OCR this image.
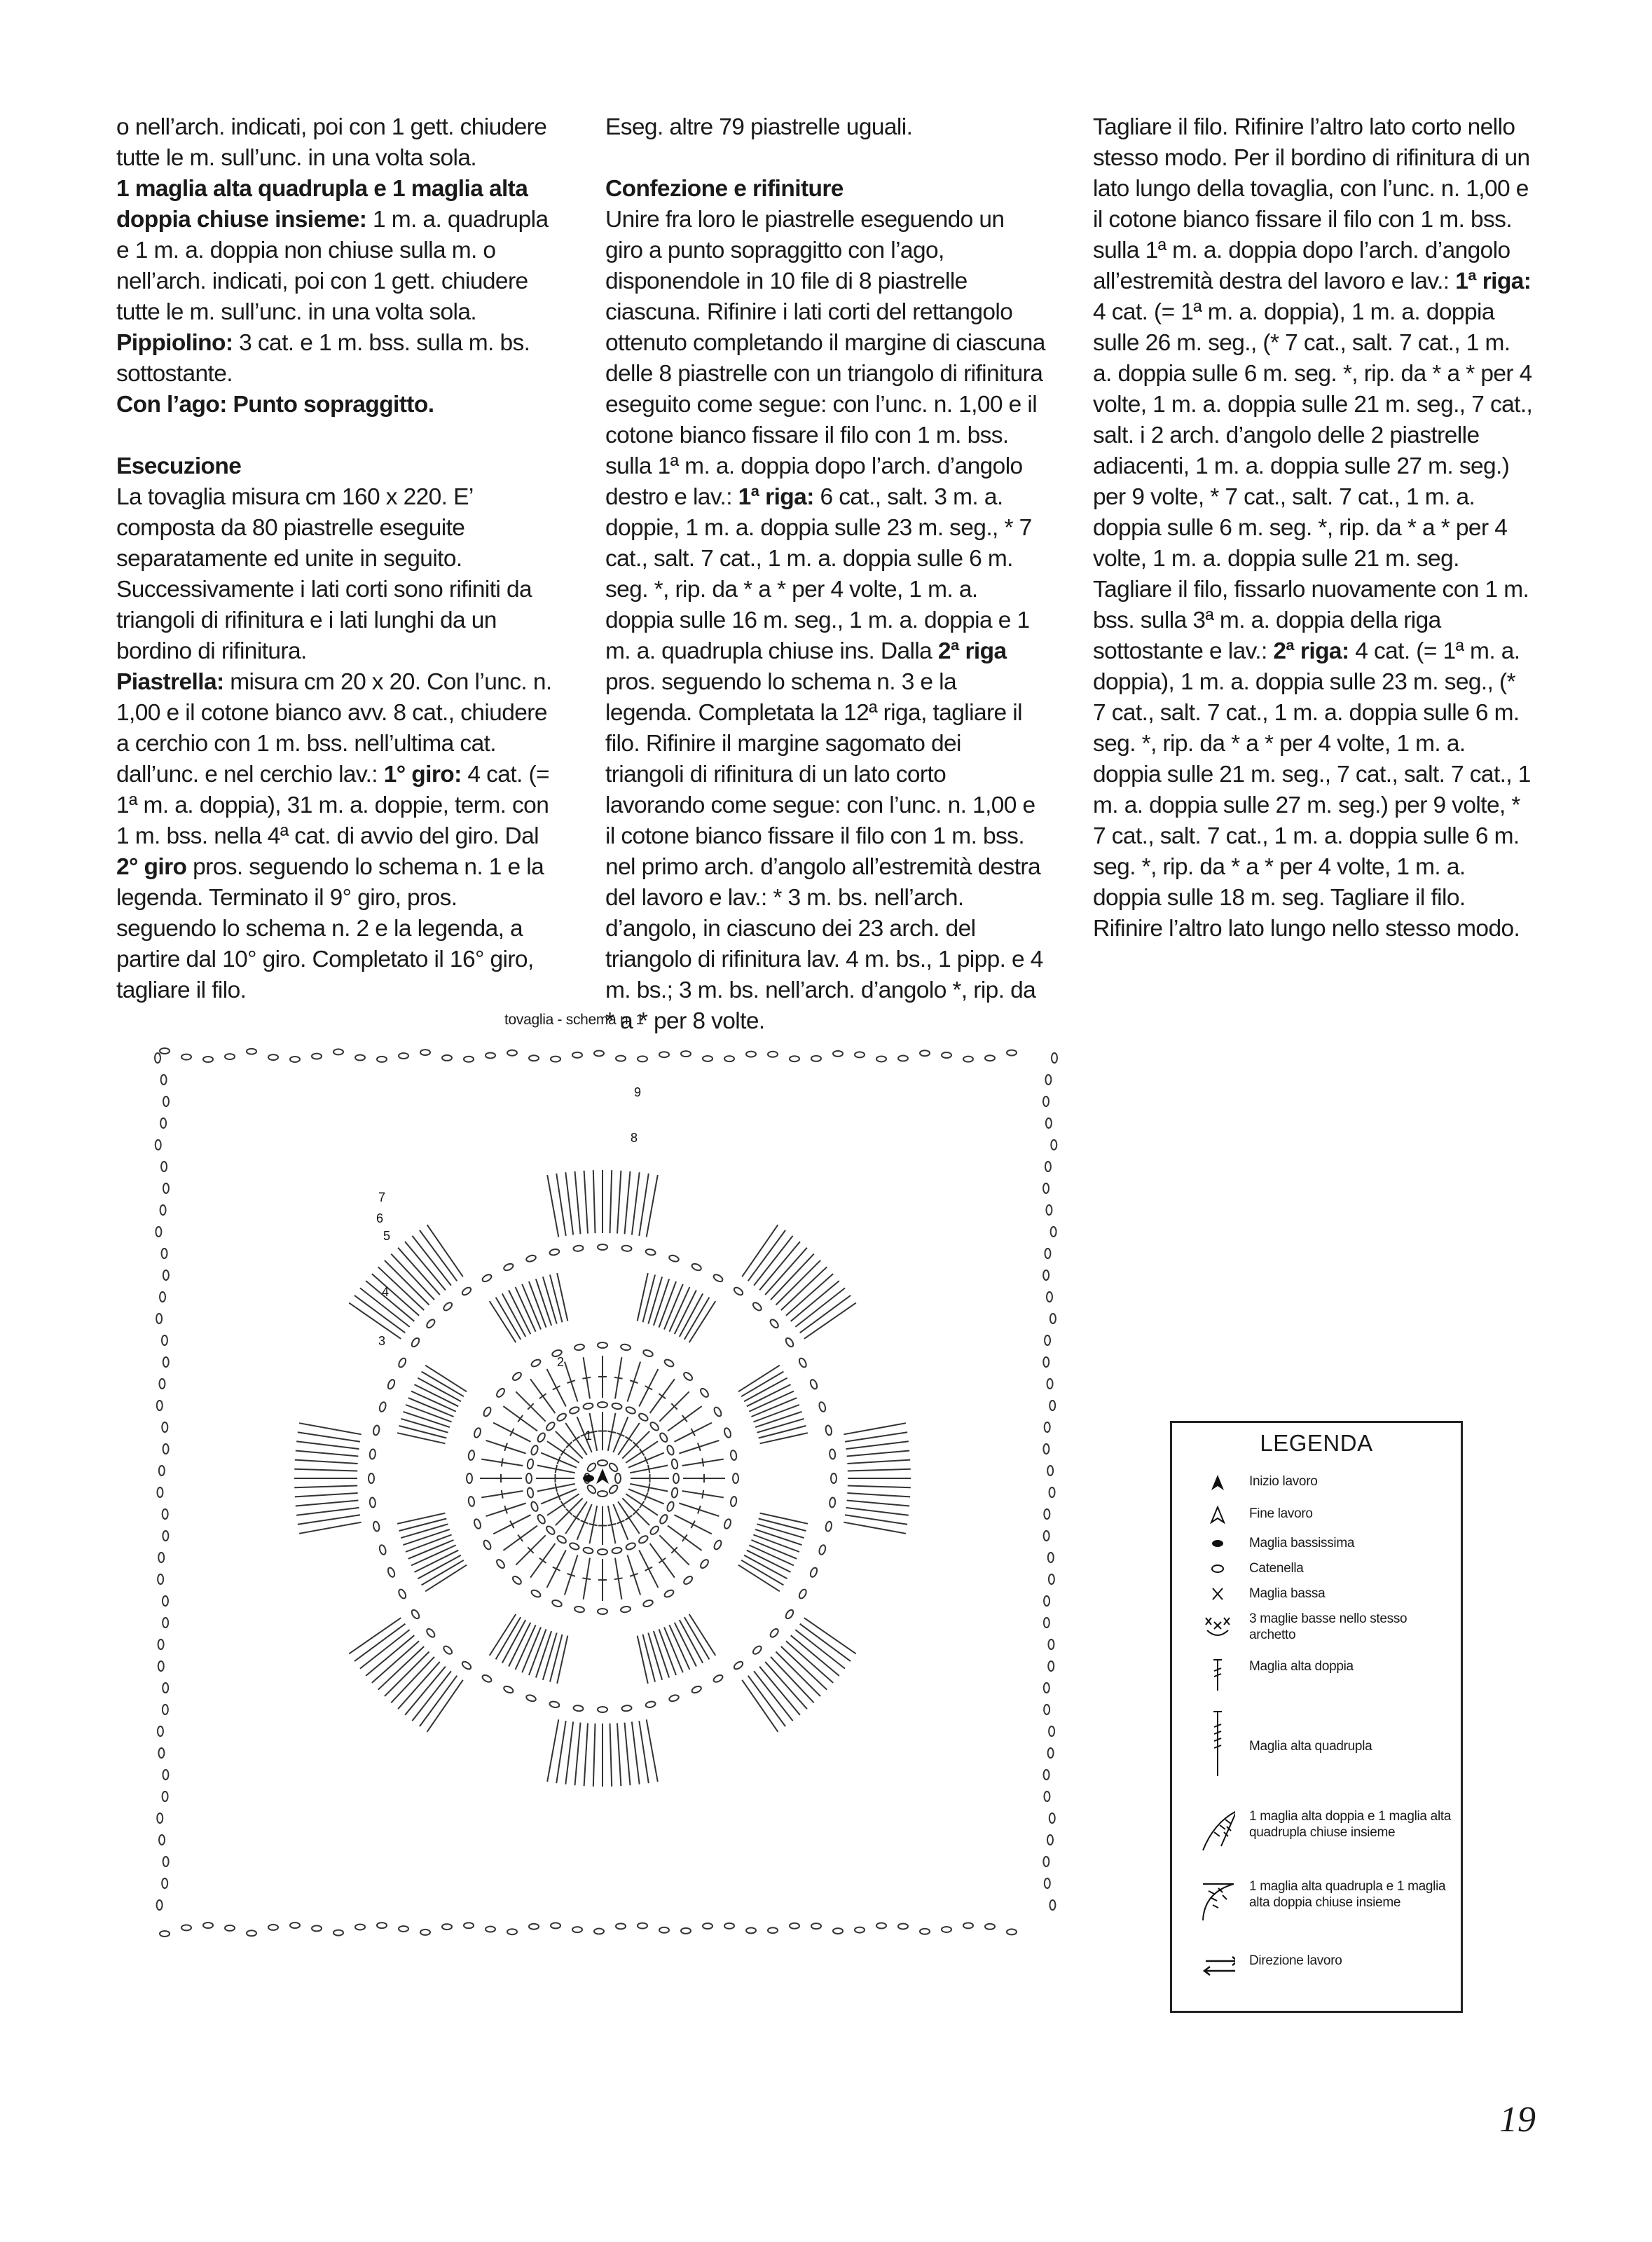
o nell’arch. indicati, poi con 1 gett. chiudere tutte le m. sull’unc. in una volta sola.

1 maglia alta quadrupla e 1 maglia alta doppia chiuse insieme: 1 m. a. quadrupla e 1 m. a. doppia non chiuse sulla m. o nell’arch. indicati, poi con 1 gett. chiudere tutte le m. sull’unc. in una volta sola.

Pippiolino: 3 cat. e 1 m. bss. sulla m. bs. sottostante.

Con l’ago: Punto sopraggitto.

Esecuzione

La tovaglia misura cm 160 x 220. E’ composta da 80 piastrelle eseguite separatamente ed unite in seguito. Successivamente i lati corti sono rifiniti da triangoli di rifinitura e i lati lunghi da un bordino di rifinitura.

Piastrella: misura cm 20 x 20. Con l’unc. n. 1,00 e il cotone bianco avv. 8 cat., chiudere a cerchio con 1 m. bss. nell’ultima cat. dall’unc. e nel cerchio lav.: 1° giro: 4 cat. (= 1ª m. a. doppia), 31 m. a. doppie, term. con 1 m. bss. nella 4ª cat. di avvio del giro. Dal 2° giro pros. seguendo lo schema n. 1 e la legenda. Terminato il 9° giro, pros. seguendo lo schema n. 2 e la legenda, a partire dal 10° giro. Completato il 16° giro, tagliare il filo.

Eseg. altre 79 piastrelle uguali.

Confezione e rifiniture

Unire fra loro le piastrelle eseguendo un giro a punto sopraggitto con l’ago, disponendole in 10 file di 8 piastrelle ciascuna. Rifinire i lati corti del rettangolo ottenuto completando il margine di ciascuna delle 8 piastrelle con un triangolo di rifinitura eseguito come segue: con l’unc. n. 1,00 e il cotone bianco fissare il filo con 1 m. bss. sulla 1ª m. a. doppia dopo l’arch. d’angolo destro e lav.: 1ª riga: 6 cat., salt. 3 m. a. doppie, 1 m. a. doppia sulle 23 m. seg., * 7 cat., salt. 7 cat., 1 m. a. doppia sulle 6 m. seg. *, rip. da * a * per 4 volte, 1 m. a. doppia sulle 16 m. seg., 1 m. a. doppia e 1 m. a. quadrupla chiuse ins. Dalla 2ª riga pros. seguendo lo schema n. 3 e la legenda. Completata la 12ª riga, tagliare il filo. Rifinire il margine sagomato dei triangoli di rifinitura di un lato corto lavorando come segue: con l’unc. n. 1,00 e il cotone bianco fissare il filo con 1 m. bss. nel primo arch. d’angolo all’estremità destra del lavoro e lav.: * 3 m. bs. nell’arch. d’angolo, in ciascuno dei 23 arch. del triangolo di rifinitura lav. 4 m. bs., 1 pipp. e 4 m. bs.; 3 m. bs. nell’arch. d’angolo *, rip. da * a * per 8 volte.

Tagliare il filo. Rifinire l’altro lato corto nello stesso modo. Per il bordino di rifinitura di un lato lungo della tovaglia, con l’unc. n. 1,00 e il cotone bianco fissare il filo con 1 m. bss. sulla 1ª m. a. doppia dopo l’arch. d’angolo all’estremità destra del lavoro e lav.: 1ª riga: 4 cat. (= 1ª m. a. doppia), 1 m. a. doppia sulle 26 m. seg., (* 7 cat., salt. 7 cat., 1 m. a. doppia sulle 6 m. seg. *, rip. da * a * per 4 volte, 1 m. a. doppia sulle 21 m. seg., 7 cat., salt. i 2 arch. d’angolo delle 2 piastrelle adiacenti, 1 m. a. doppia sulle 27 m. seg.) per 9 volte, * 7 cat., salt. 7 cat., 1 m. a. doppia sulle 6 m. seg. *, rip. da * a * per 4 volte, 1 m. a. doppia sulle 21 m. seg. Tagliare il filo, fissarlo nuovamente con 1 m. bss. sulla 3ª m. a. doppia della riga sottostante e lav.: 2ª riga: 4 cat. (= 1ª m. a. doppia), 1 m. a. doppia sulle 23 m. seg., (* 7 cat., salt. 7 cat., 1 m. a. doppia sulle 6 m. seg. *, rip. da * a * per 4 volte, 1 m. a. doppia sulle 21 m. seg., 7 cat., salt. 7 cat., 1 m. a. doppia sulle 27 m. seg.) per 9 volte, * 7 cat., salt. 7 cat., 1 m. a. doppia sulle 6 m. seg. *, rip. da * a * per 4 volte, 1 m. a. doppia sulle 18 m. seg. Tagliare il filo. Rifinire l’altro lato lungo nello stesso modo.

tovaglia - schema n. 1
1
2
3
4
5
6
7
8
9
LEGENDA
Inizio lavoro
Fine lavoro
Maglia bassissima
Catenella
Maglia bassa
3 maglie basse nello stesso archetto
Maglia alta doppia
Maglia alta quadrupla
1 maglia alta doppia e 1 maglia alta quadrupla chiuse insieme
1 maglia alta quadrupla e 1 maglia alta doppia chiuse insieme
Direzione lavoro
19
